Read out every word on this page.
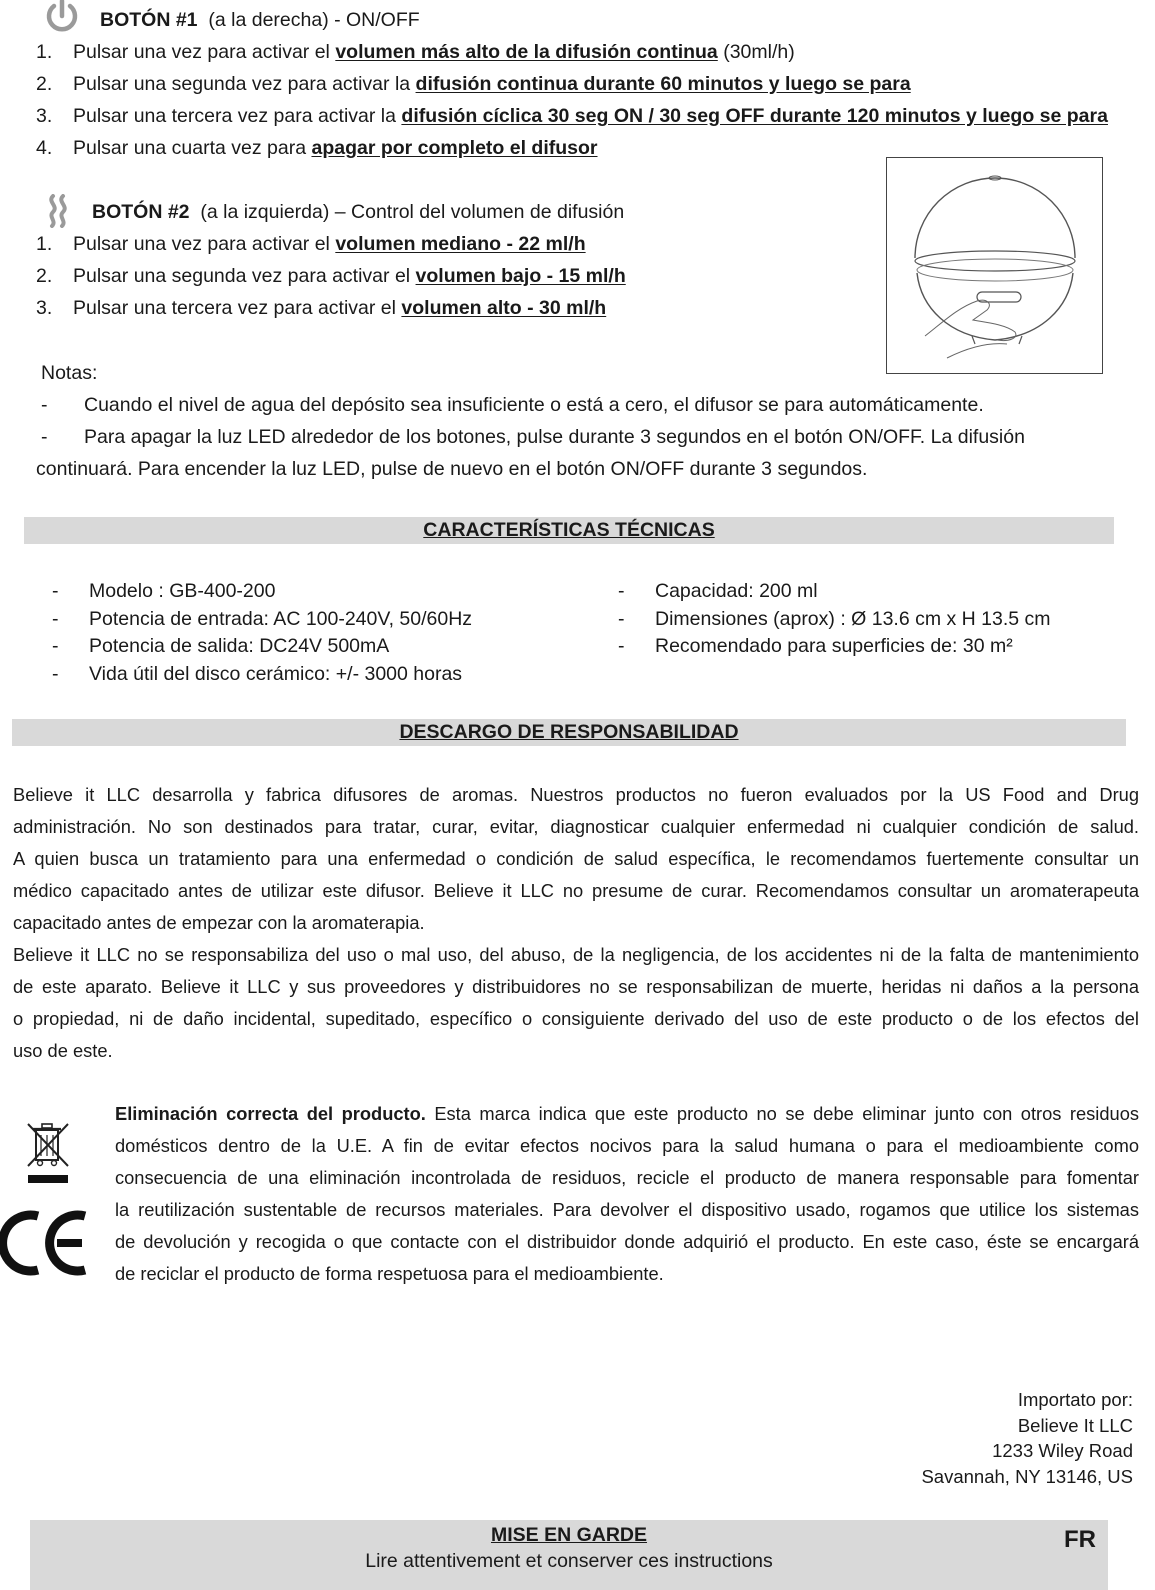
BOTÓN #1 (a la derecha) - ON/OFF
1. Pulsar una vez para activar el volumen más alto de la difusión continua (30ml/h)
2. Pulsar una segunda vez para activar la difusión continua durante 60 minutos y luego se para
3. Pulsar una tercera vez para activar la difusión cíclica 30 seg ON / 30 seg OFF durante 120 minutos y luego se para
4. Pulsar una cuarta vez para apagar por completo el difusor
BOTÓN #2 (a la izquierda) – Control del volumen de difusión
1. Pulsar una vez para activar el volumen mediano - 22 ml/h
2. Pulsar una segunda vez para activar el volumen bajo - 15 ml/h
3. Pulsar una tercera vez para activar el volumen alto - 30 ml/h
Notas:
- Cuando el nivel de agua del depósito sea insuficiente o está a cero, el difusor se para automáticamente.
- Para apagar la luz LED alrededor de los botones, pulse durante 3 segundos en el botón ON/OFF. La difusión
continuará. Para encender la luz LED, pulse de nuevo en el botón ON/OFF durante 3 segundos.
CARACTERÍSTICAS TÉCNICAS
- Modelo : GB-400-200
- Potencia de entrada: AC 100-240V, 50/60Hz
- Potencia de salida: DC24V 500mA
- Vida útil del disco cerámico: +/- 3000 horas
- Capacidad: 200 ml
- Dimensiones (aprox) : Ø 13.6 cm x H 13.5 cm
- Recomendado para superficies de: 30 m²
DESCARGO DE RESPONSABILIDAD
Believe it LLC desarrolla y fabrica difusores de aromas. Nuestros productos no fueron evaluados por la US Food and Drug
administración. No son destinados para tratar, curar, evitar, diagnosticar cualquier enfermedad ni cualquier condición de salud.
A quien busca un tratamiento para una enfermedad o condición de salud específica, le recomendamos fuertemente consultar un
médico capacitado antes de utilizar este difusor. Believe it LLC no presume de curar. Recomendamos consultar un aromaterapeuta
capacitado antes de empezar con la aromaterapia.
Believe it LLC no se responsabiliza del uso o mal uso, del abuso, de la negligencia, de los accidentes ni de la falta de mantenimiento
de este aparato. Believe it LLC y sus proveedores y distribuidores no se responsabilizan de muerte, heridas ni daños a la persona
o propiedad, ni de daño incidental, supeditado, específico o consiguiente derivado del uso de este producto o de los efectos del
uso de este.
Eliminación correcta del producto. Esta marca indica que este producto no se debe eliminar junto con otros residuos
domésticos dentro de la U.E. A fin de evitar efectos nocivos para la salud humana o para el medioambiente como
consecuencia de una eliminación incontrolada de residuos, recicle el producto de manera responsable para fomentar
la reutilización sustentable de recursos materiales. Para devolver el dispositivo usado, rogamos que utilice los sistemas
de devolución y recogida o que contacte con el distribuidor donde adquirió el producto. En este caso, éste se encargará
de reciclar el producto de forma respetuosa para el medioambiente.
Importato por:
Believe It LLC
1233 Wiley Road
Savannah, NY 13146, US
MISE EN GARDE
Lire attentivement et conserver ces instructions
FR
